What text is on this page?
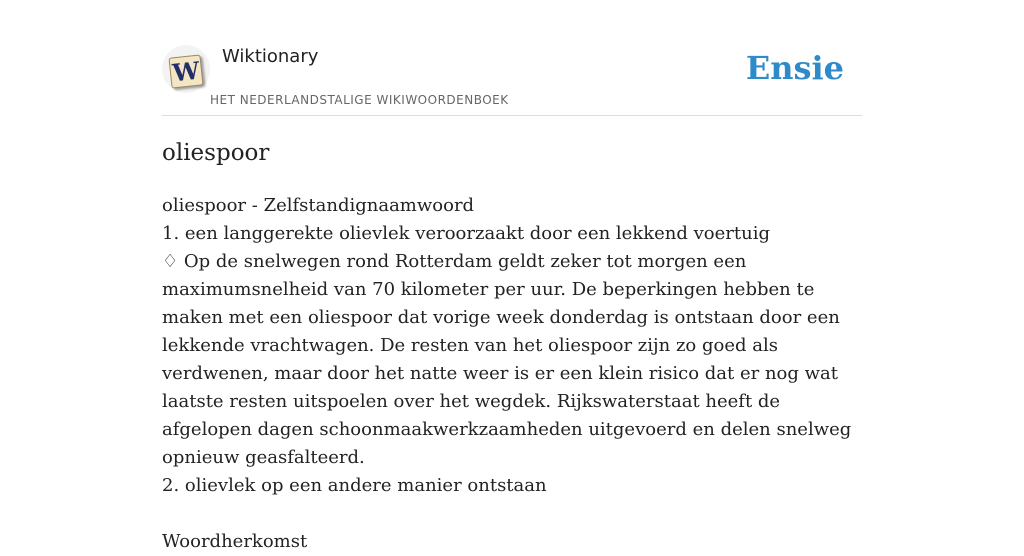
W Wiktionary
HET NEDERLANDSTALIGE WIKIWOORDENBOEK
Ensie
oliespoor

oliespoor - Zelfstandignaamwoord

1. een langgerekte olievlek veroorzaakt door een lekkend voertuig

♢ Op de snelwegen rond Rotterdam geldt zeker tot morgen een maximumsnelheid van 70 kilometer per uur. De beperkingen hebben te maken met een oliespoor dat vorige week donderdag is ontstaan door een lekkende vrachtwagen. De resten van het oliespoor zijn zo goed als verdwenen, maar door het natte weer is er een klein risico dat er nog wat laatste resten uitspoelen over het wegdek. Rijkswaterstaat heeft de afgelopen dagen schoonmaakwerkzaamheden uitgevoerd en delen snelweg opnieuw geasfalteerd.

2. olievlek op een andere manier ontstaan

Woordherkomst
